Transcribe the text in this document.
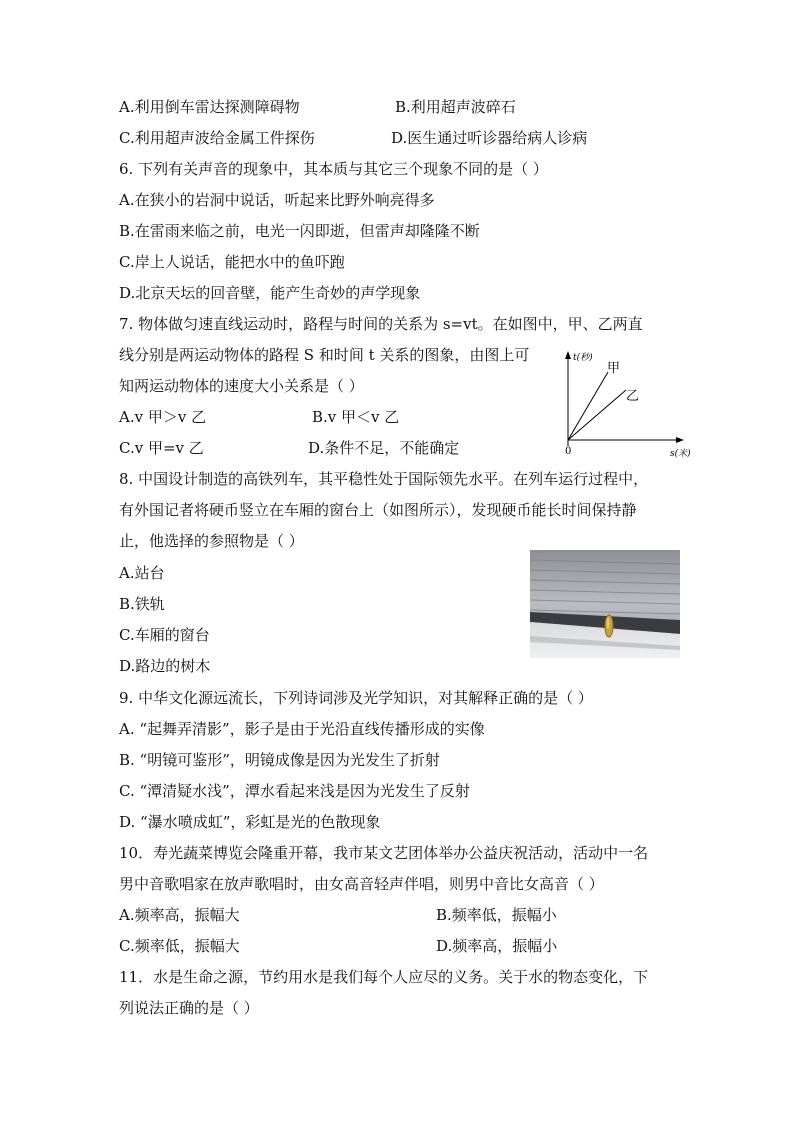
A.利用倒车雷达探测障碍物	B.利用超声波碎石
C.利用超声波给金属工件探伤	D.医生通过听诊器给病人诊病
6. 下列有关声音的现象中，其本质与其它三个现象不同的是（ ）
A.在狭小的岩洞中说话，听起来比野外响亮得多
B.在雷雨来临之前，电光一闪即逝，但雷声却隆隆不断
C.岸上人说话，能把水中的鱼吓跑
D.北京天坛的回音壁，能产生奇妙的声学现象
7. 物体做匀速直线运动时，路程与时间的关系为 s=vt。在如图中，甲、乙两直
线分别是两运动物体的路程 S 和时间 t 关系的图象，由图上可
知两运动物体的速度大小关系是（ ）
A.v 甲＞v 乙	B.v 甲＜v 乙
C.v 甲=v 乙	D.条件不足，不能确定
t(秒)
s(米)
0
甲
乙
8. 中国设计制造的高铁列车，其平稳性处于国际领先水平。在列车运行过程中，
有外国记者将硬币竖立在车厢的窗台上（如图所示），发现硬币能长时间保持静
止，他选择的参照物是（ ）
A.站台
B.铁轨
C.车厢的窗台
D.路边的树木
9. 中华文化源远流长，下列诗词涉及光学知识，对其解释正确的是（ ）
A. “起舞弄清影”，影子是由于光沿直线传播形成的实像
B. “明镜可鉴形”，明镜成像是因为光发生了折射
C. “潭清疑水浅”，潭水看起来浅是因为光发生了反射
D. “瀑水喷成虹”，彩虹是光的色散现象
10．寿光蔬菜博览会隆重开幕，我市某文艺团体举办公益庆祝活动，活动中一名
男中音歌唱家在放声歌唱时，由女高音轻声伴唱，则男中音比女高音（ ）
A.频率高，振幅大	B.频率低，振幅小
C.频率低，振幅大	D.频率高，振幅小
11．水是生命之源，节约用水是我们每个人应尽的义务。关于水的物态变化，下
列说法正确的是（ ）
